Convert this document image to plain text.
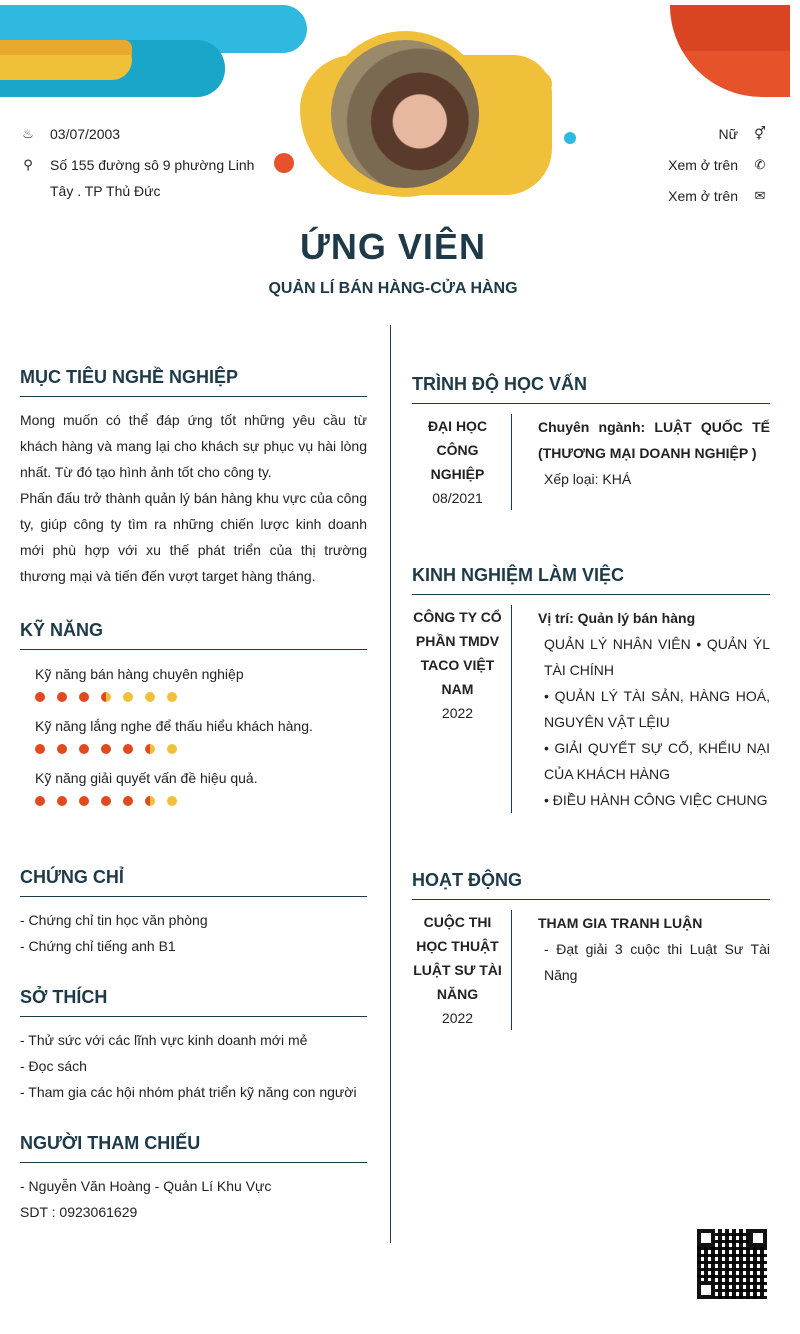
♨ 03/07/2003
⚲ Số 155 đường sô 9 phường Linh
Tây . TP Thủ Đức
Nữ ⚥
Xem ở trên ✆
Xem ở trên ✉
ỨNG VIÊN
QUẢN LÍ BÁN HÀNG-CỬA HÀNG
MỤC TIÊU NGHỀ NGHIỆP
Mong muốn có thể đáp ứng tốt những yêu cầu từ khách hàng và mang lại cho khách sự phục vụ hài lòng nhất. Từ đó tạo hình ảnh tốt cho công ty.
Phấn đấu trở thành quản lý bán hàng khu vực của công ty, giúp công ty tìm ra những chiến lược kinh doanh mới phù hợp với xu thế phát triển của thị trường thương mại và tiến đến vượt target hàng tháng.
KỸ NĂNG
Kỹ năng bán hàng chuyên nghiệp
Kỹ năng lắng nghe để thấu hiểu khách hàng.
Kỹ năng giải quyết vấn đề hiệu quả.
CHỨNG CHỈ
- Chứng chỉ tin học văn phòng
- Chứng chỉ tiếng anh B1
SỞ THÍCH
- Thử sức với các lĩnh vực kinh doanh mới mẻ
- Đọc sách
- Tham gia các hội nhóm phát triển kỹ năng con người
NGƯỜI THAM CHIẾU
- Nguyễn Văn Hoàng - Quản Lí Khu Vực
SDT : 0923061629
TRÌNH ĐỘ HỌC VẤN
ĐẠI HỌC CÔNG NGHIỆP
08/2021
Chuyên ngành: LUẬT QUỐC TẾ (THƯƠNG MẠI DOANH NGHIỆP )
Xếp loại: KHÁ
KINH NGHIỆM LÀM VIỆC
CÔNG TY CỔ PHẦN TMDV TACO VIỆT NAM
2022
Vị trí: Quản lý bán hàng
QUẢN LÝ NHÂN VIÊN • QUẢN ÝL TÀI CHÍNH
• QUẢN LÝ TÀI SẢN, HÀNG HOÁ, NGUYÊN VẬT LỆIU
• GIẢI QUYẾT SỰ CỐ, KHẾIU NẠI CỦA KHÁCH HÀNG
• ĐIỀU HÀNH CÔNG VIỆC CHUNG
HOẠT ĐỘNG
CUỘC THI HỌC THUẬT LUẬT SƯ TÀI NĂNG
2022
THAM GIA TRANH LUẬN
- Đạt giải 3 cuộc thi Luật Sư Tài Năng
